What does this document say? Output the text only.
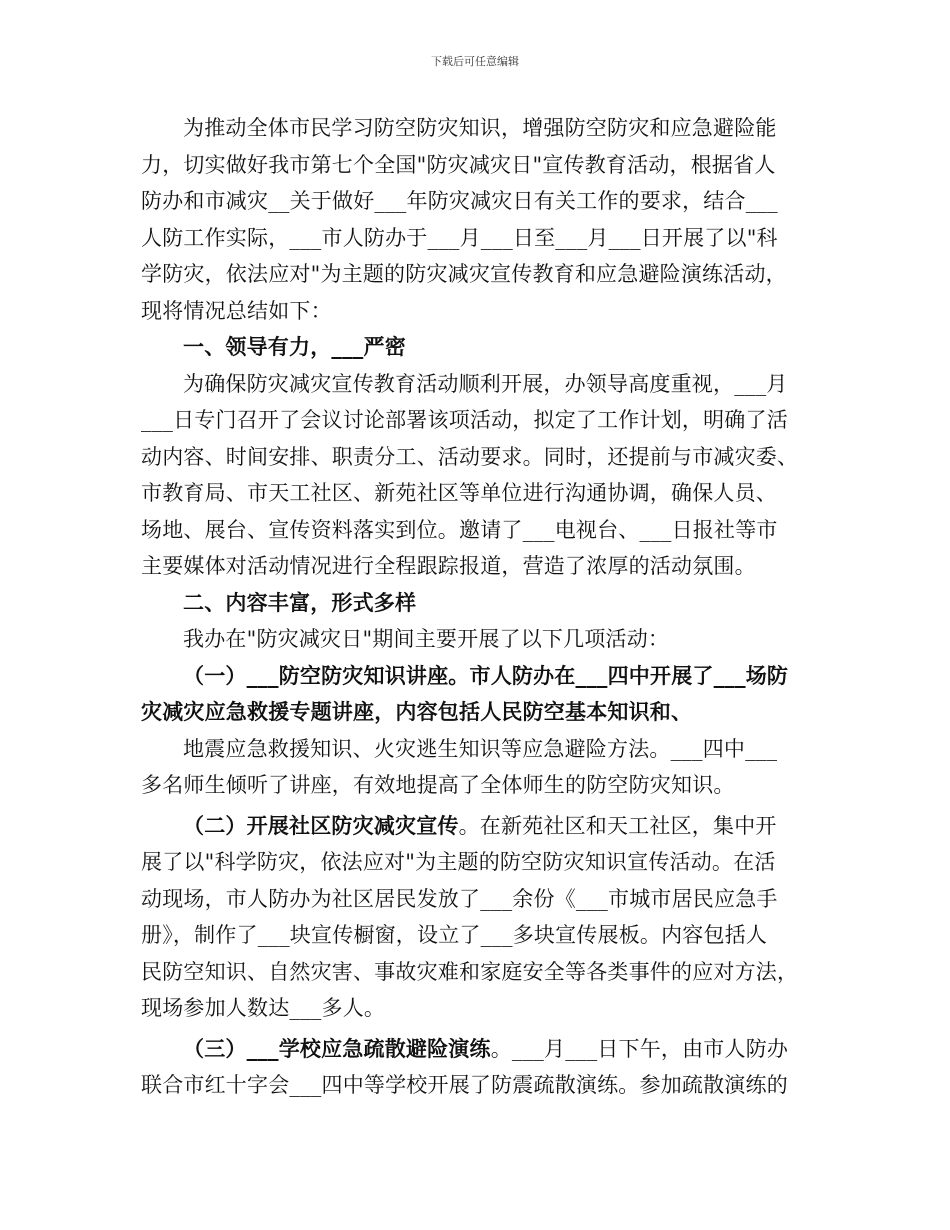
下载后可任意编辑
为推动全体市民学习防空防灾知识，增强防空防灾和应急避险能
力，切实做好我市第七个全国"防灾减灾日"宣传教育活动，根据省人
防办和市减灾__关于做好___年防灾减灾日有关工作的要求，结合___
人防工作实际，___市人防办于___月___日至___月___日开展了以"科
学防灾，依法应对"为主题的防灾减灾宣传教育和应急避险演练活动，
现将情况总结如下：
一、领导有力，___严密
为确保防灾减灾宣传教育活动顺利开展，办领导高度重视，___月
___日专门召开了会议讨论部署该项活动，拟定了工作计划，明确了活
动内容、时间安排、职责分工、活动要求。同时，还提前与市减灾委、
市教育局、市天工社区、新苑社区等单位进行沟通协调，确保人员、
场地、展台、宣传资料落实到位。邀请了___电视台、___日报社等市
主要媒体对活动情况进行全程跟踪报道，营造了浓厚的活动氛围。
二、内容丰富，形式多样
我办在"防灾减灾日"期间主要开展了以下几项活动：
（一）___防空防灾知识讲座。市人防办在___四中开展了___场防
灾减灾应急救援专题讲座，内容包括人民防空基本知识和、
地震应急救援知识、火灾逃生知识等应急避险方法。___四中___
多名师生倾听了讲座，有效地提高了全体师生的防空防灾知识。
（二）开展社区防灾减灾宣传。在新苑社区和天工社区，集中开
展了以"科学防灾，依法应对"为主题的防空防灾知识宣传活动。在活
动现场，市人防办为社区居民发放了___余份《___市城市居民应急手
册》，制作了___块宣传橱窗，设立了___多块宣传展板。内容包括人
民防空知识、自然灾害、事故灾难和家庭安全等各类事件的应对方法，
现场参加人数达___多人。
（三）___学校应急疏散避险演练。___月___日下午，由市人防办
联合市红十字会___四中等学校开展了防震疏散演练。参加疏散演练的
